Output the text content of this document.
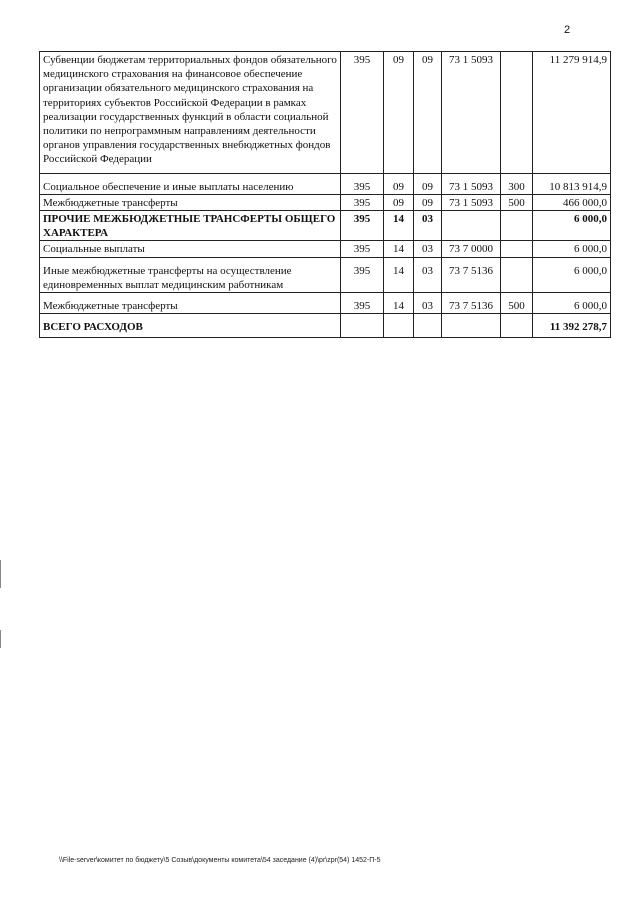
2
Субвенции бюджетам территориальных фондов обязательного медицинского страхования на финансовое обеспечение организации обязательного медицинского страхования на территориях субъектов Российской Федерации в рамках реализации государственных функций в области социальной политики по непрограммным направлениям деятельности органов управления государственных внебюджетных фондов Российской Федерации	395	09	09	73 1 5093		11 279 914,9
Социальное обеспечение и иные выплаты населению	395	09	09	73 1 5093	300	10 813 914,9
Межбюджетные трансферты	395	09	09	73 1 5093	500	466 000,0
ПРОЧИЕ МЕЖБЮДЖЕТНЫЕ ТРАНСФЕРТЫ ОБЩЕГО ХАРАКТЕРА	395	14	03			6 000,0
Социальные выплаты	395	14	03	73 7 0000		6 000,0
Иные межбюджетные трансферты на осуществление единовременных выплат медицинским работникам	395	14	03	73 7 5136		6 000,0
Межбюджетные трансферты	395	14	03	73 7 5136	500	6 000,0
ВСЕГО РАСХОДОВ						11 392 278,7
\\File-server\комитет по бюджету\5 Созыв\документы комитета\54 заседание (4)\pr\zpr(54) 1452-П-5
